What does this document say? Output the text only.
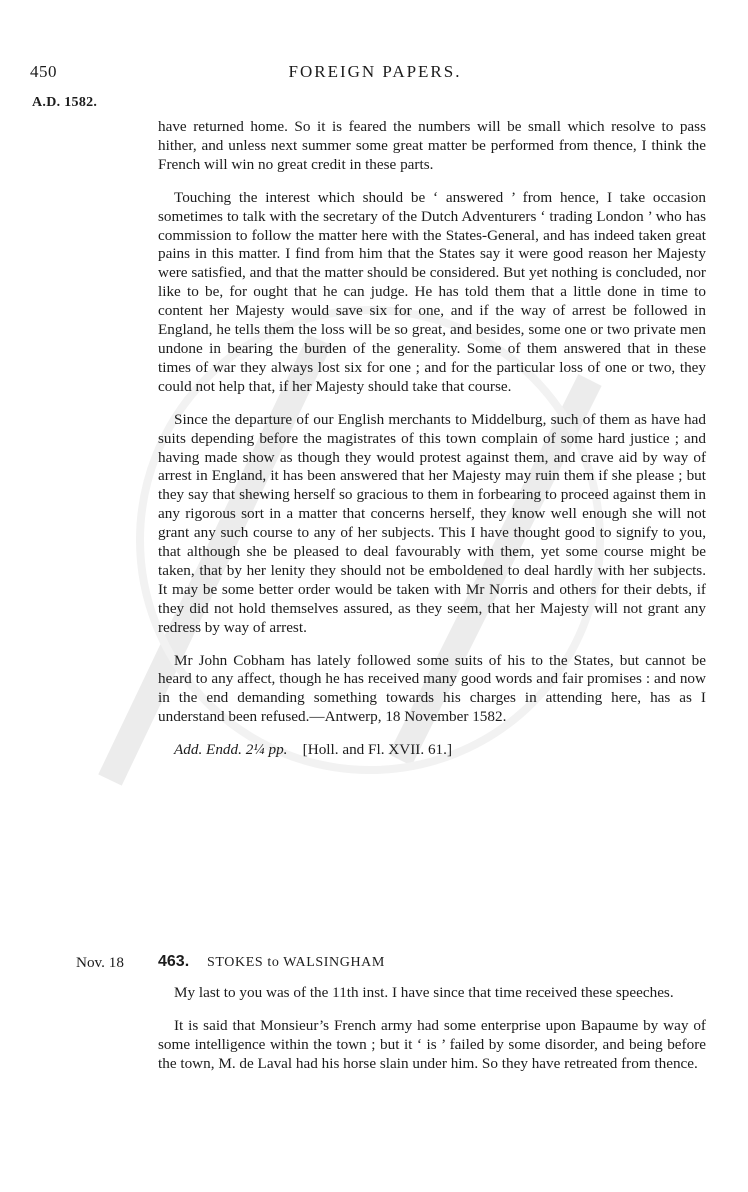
450	FOREIGN PAPERS.
A.D. 1582.

have returned home. So it is feared the numbers will be small which resolve to pass hither, and unless next summer some great matter be performed from thence, I think the French will win no great credit in these parts.

Touching the interest which should be ‘ answered ’ from hence, I take occasion sometimes to talk with the secretary of the Dutch Adventurers ‘ trading London ’ who has commission to follow the matter here with the States-General, and has indeed taken great pains in this matter. I find from him that the States say it were good reason her Majesty were satisfied, and that the matter should be considered. But yet nothing is concluded, nor like to be, for ought that he can judge. He has told them that a little done in time to content her Majesty would save six for one, and if the way of arrest be followed in England, he tells them the loss will be so great, and besides, some one or two private men undone in bearing the burden of the generality. Some of them answered that in these times of war they always lost six for one ; and for the particular loss of one or two, they could not help that, if her Majesty should take that course.

Since the departure of our English merchants to Middelburg, such of them as have had suits depending before the magistrates of this town complain of some hard justice ; and having made show as though they would protest against them, and crave aid by way of arrest in England, it has been answered that her Majesty may ruin them if she please ; but they say that shewing herself so gracious to them in forbearing to proceed against them in any rigorous sort in a matter that concerns herself, they know well enough she will not grant any such course to any of her subjects. This I have thought good to signify to you, that although she be pleased to deal favourably with them, yet some course might be taken, that by her lenity they should not be emboldened to deal hardly with her subjects. It may be some better order would be taken with Mr Norris and others for their debts, if they did not hold themselves assured, as they seem, that her Majesty will not grant any redress by way of arrest.

Mr John Cobham has lately followed some suits of his to the States, but cannot be heard to any affect, though he has received many good words and fair promises : and now in the end demanding something towards his charges in attending here, has as I understand been refused.—Antwerp, 18 November 1582.

Add. Endd. 2¼ pp. [Holl. and Fl. XVII. 61.]

Nov. 18 463. STOKES to WALSINGHAM

My last to you was of the 11th inst. I have since that time received these speeches.

It is said that Monsieur’s French army had some enterprise upon Bapaume by way of some intelligence within the town ; but it ‘ is ’ failed by some disorder, and being before the town, M. de Laval had his horse slain under him. So they have retreated from thence.
